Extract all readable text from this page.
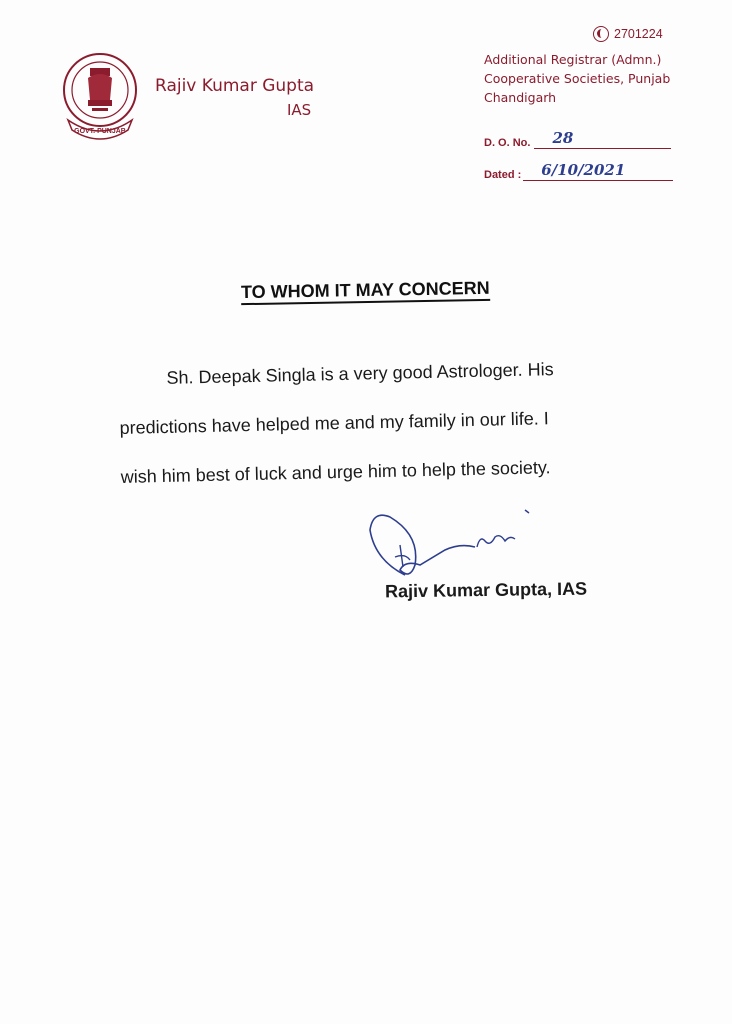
GOVT. PUNJAB
Rajiv Kumar Gupta
IAS
2701224
Additional Registrar (Admn.)
Cooperative Societies, Punjab
Chandigarh
D. O. No. 28
Dated : 6/10/2021
TO WHOM IT MAY CONCERN
Sh. Deepak Singla is a very good Astrologer. His
predictions have helped me and my family in our life. I
wish him best of luck and urge him to help the society.
Rajiv Kumar Gupta, IAS
